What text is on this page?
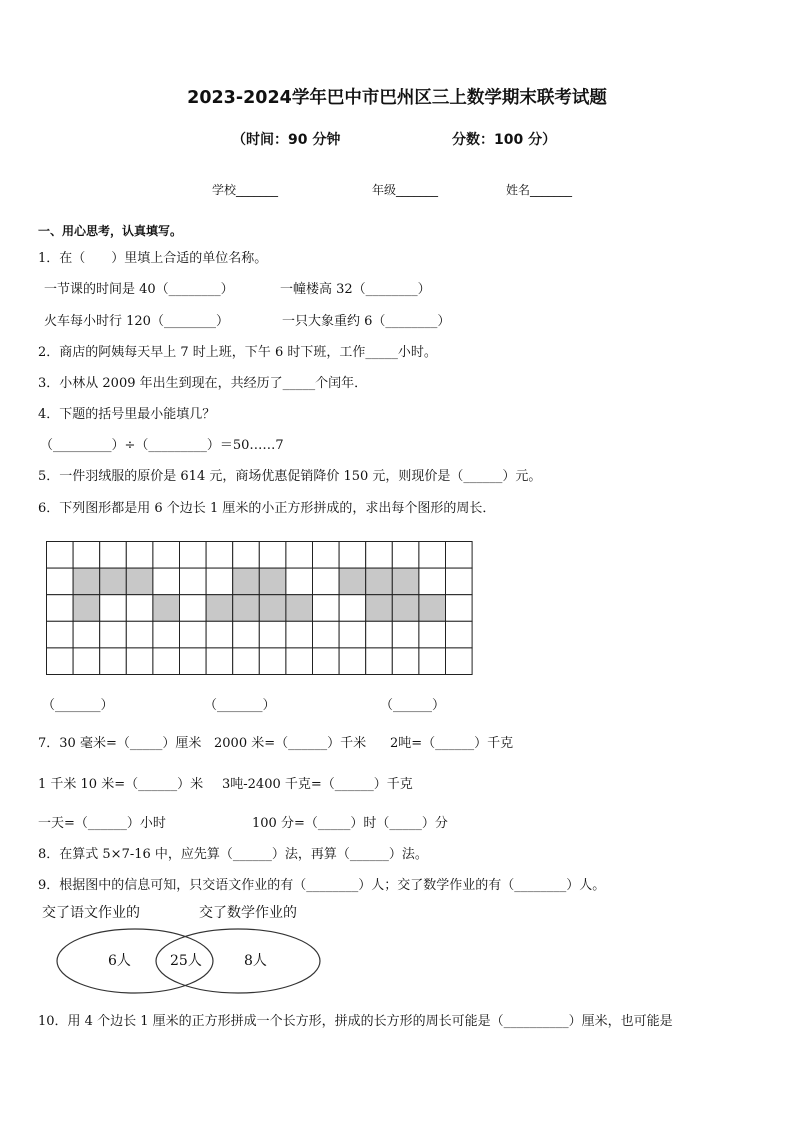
2023-2024学年巴中市巴州区三上数学期末联考试题
（时间：90 分钟	分数：100 分）
学校_______	年级_______	姓名_______
一、用心思考，认真填写。
1．在（　　）里填上合适的单位名称。
一节课的时间是 40（________）	一幢楼高 32（________）
火车每小时行 120（________）	一只大象重约 6（________）
2．商店的阿姨每天早上 7 时上班，下午 6 时下班，工作_____小时。
3．小林从 2009 年出生到现在，共经历了_____个闰年．
4．下题的括号里最小能填几？
（_________）÷（_________）＝50……7
5．一件羽绒服的原价是 614 元，商场优惠促销降价 150 元，则现价是（______）元。
6．下列图形都是用 6 个边长 1 厘米的小正方形拼成的，求出每个图形的周长．
（_______）	（_______）	（______）
7．30 毫米=（_____）厘米 2000 米=（______）千米 2吨=（______）千克
1 千米 10 米=（______）米 3吨-2400 千克=（______）千克
一天=（______）小时	100 分=（_____）时（_____）分
8．在算式 5×7-16 中，应先算（______）法，再算（______）法。
9．根据图中的信息可知，只交语文作业的有（________）人；交了数学作业的有（________）人。
交了语文作业的	交了数学作业的
6人	25人	8人
10．用 4 个边长 1 厘米的正方形拼成一个长方形，拼成的长方形的周长可能是（__________）厘米，也可能是
